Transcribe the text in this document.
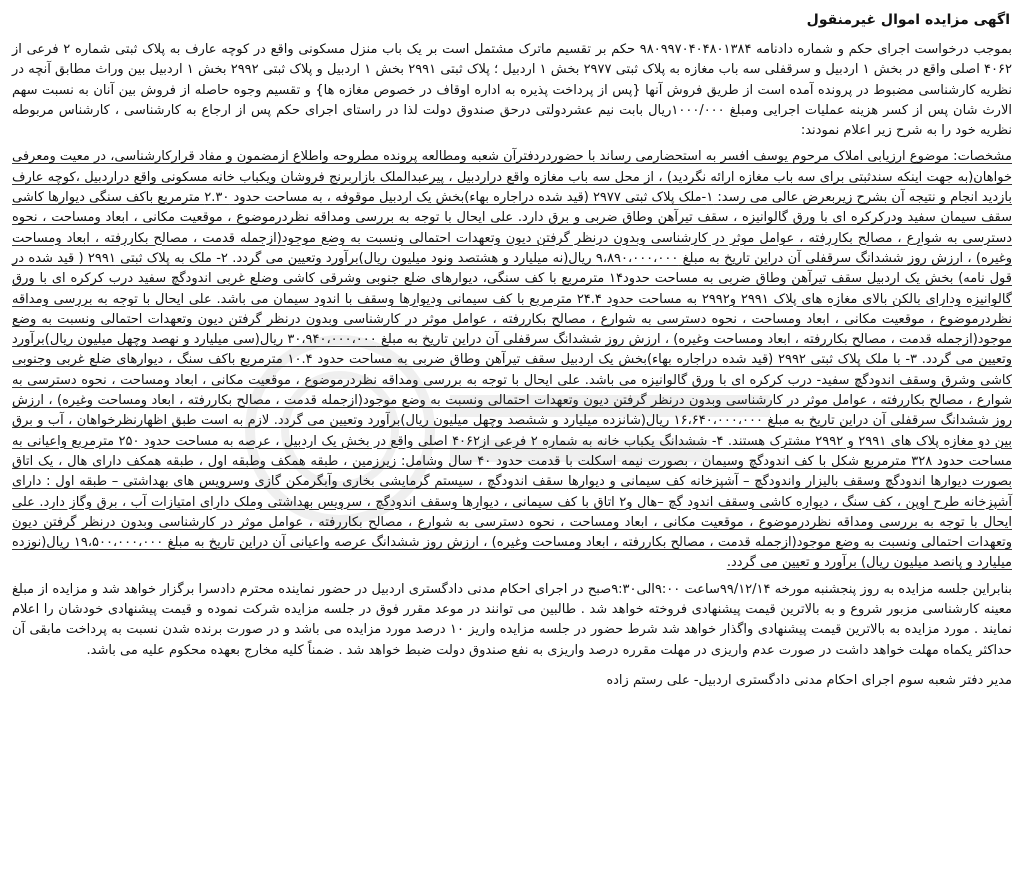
اگهی مزایده اموال غیرمنقول
بموجب درخواست اجرای حکم و شماره دادنامه ۹۸۰۹۹۷۰۴۰۴۸۰۱۳۸۴ حکم بر تقسیم ماترک مشتمل است بر یک باب منزل مسکونی واقع در کوچه عارف به پلاک ثبتی شماره ۲ فرعی از ۴۰۶۲ اصلی واقع در بخش ۱ اردبیل و سرقفلی سه باب مغازه به پلاک ثبتی ۲۹۷۷ بخش ۱ اردبیل ؛ پلاک ثبتی ۲۹۹۱ بخش ۱ اردبیل و پلاک ثبتی ۲۹۹۲ بخش ۱ اردبیل بین وراث مطابق آنچه در نظریه کارشناسی مضبوط در پرونده آمده است از طریق فروش آنها {پس از پرداخت پذیره به اداره اوقاف در خصوص مغازه ها} و تقسیم وجوه حاصله از فروش بین آنان به نسبت سهم الارث شان پس از کسر هزینه عملیات اجرایی ومبلغ ۱۰۰۰/۰۰۰ریال بابت نیم عشردولتی درحق صندوق دولت لذا در راستای اجرای حکم پس از ارجاع به کارشناسی ، کارشناس مربوطه نظریه خود را به شرح زیر اعلام نمودند:
مشخصات: موضوع ارزیابی املاک مرحوم یوسف افسر به استحضارمی رساند با حضوردردفترآن شعبه ومطالعه پرونده مطروحه واطلاع ازمضمون و مفاد قرارکارشناسی، در معیت ومعرفی خواهان(به جهت اینکه سندثبتی برای سه باب مغازه ارائه نگردید) ، از محل سه باب مغازه واقع دراردبیل ، پیرعبدالملک بازاربرنج فروشان ویکباب خانه مسکونی واقع دراردبیل ،کوچه عارف بازدید انجام و نتیجه آن بشرح زیربعرض عالی می رسد: ۱-ملک پلاک ثبتی ۲۹۷۷ (قید شده دراجاره بهاء)بخش یک اردبیل موقوفه ، به مساحت حدود ۲.۳۰ مترمربع باکف سنگی دیوارها کاشی سقف سیمان سفید ودرکرکره ای با ورق گالوانیزه ، سقف تیرآهن وطاق ضربی و برق دارد. علی ایحال با توجه به بررسی ومداقه نظردرموضوع ، موقعیت مکانی ، ابعاد ومساحت ، نحوه دسترسی به شوارع ، مصالح بکاررفته ، عوامل موثر در کارشناسی وبدون درنظر گرفتن دیون وتعهدات احتمالی ونسبت به وضع موجود(ازجمله قدمت ، مصالح بکاررفته ، ابعاد ومساحت وغیره) ، ارزش روز ششدانگ سرقفلی آن دراین تاریخ به مبلغ ۹،۸۹۰،۰۰۰،۰۰۰ ریال(نه میلیارد و هشتصد ونود میلیون ریال)برآورد وتعیین می گردد. ۲- ملک به پلاک ثبتی ۲۹۹۱ ( قید شده در قول نامه) بخش یک اردبیل سقف تیرآهن وطاق ضربی به مساحت حدود۱۴ مترمربع با کف سنگی، دیوارهای ضلع جنوبی وشرقی کاشی وضلع غربی اندودگچ سفید درب کرکره ای با ورق گالوانیزه ودارای بالکن بالای مغازه های پلاک ۲۹۹۱ و۲۹۹۲ به مساحت حدود ۲۴.۴ مترمربع با کف سیمانی ودیوارها وسقف با اندود سیمان می باشد. علی ایحال با توجه به بررسی ومداقه نظردرموضوع ، موقعیت مکانی ، ابعاد ومساحت ، نحوه دسترسی به شوارع ، مصالح بکاررفته ، عوامل موثر در کارشناسی وبدون درنظر گرفتن دیون وتعهدات احتمالی ونسبت به وضع موجود(ازجمله قدمت ، مصالح بکاررفته ، ابعاد ومساحت وغیره) ، ارزش روز ششدانگ سرقفلی آن دراین تاریخ به مبلغ ۳۰،۹۴۰،۰۰۰،۰۰۰ ریال(سی میلیارد و نهصد وچهل میلیون ریال)برآورد وتعیین می گردد. ۳- با ملک پلاک ثبتی ۲۹۹۲ (قید شده دراجاره بهاء)بخش یک اردبیل سقف تیرآهن وطاق ضربی به مساحت حدود ۱۰.۴ مترمربع باکف سنگ ، دیوارهای ضلع غربی وجنوبی کاشی وشرق وسقف اندودگچ سفید- درب کرکره ای با ورق گالوانیزه می باشد. علی ایحال با توجه به بررسی ومداقه نظردرموضوع ، موقعیت مکانی ، ابعاد ومساحت ، نحوه دسترسی به شوارع ، مصالح بکاررفته ، عوامل موثر در کارشناسی وبدون درنظر گرفتن دیون وتعهدات احتمالی ونسبت به وضع موجود(ازجمله قدمت ، مصالح بکاررفته ، ابعاد ومساحت وغیره) ، ارزش روز ششدانگ سرقفلی آن دراین تاریخ به مبلغ ۱۶،۶۴۰،۰۰۰،۰۰۰ ریال(شانزده میلیارد و ششصد وچهل میلیون ریال)برآورد وتعیین می گردد. لازم به است طبق اظهارنظرخواهان ، آب و برق بین دو مغازه پلاک های ۲۹۹۱ و ۲۹۹۲ مشترک هستند. ۴- ششدانگ یکباب خانه به شماره ۲ فرعی از۴۰۶۲ اصلی واقع در بخش یک اردبیل ، عرصه به مساحت حدود ۲۵۰ مترمربع واعیانی به مساحت حدود ۳۲۸ مترمربع شکل با کف اندودگچ وسیمان ، بصورت نیمه اسکلت با قدمت حدود ۴۰ سال وشامل: زیرزمین ، طبقه همکف وطبقه اول ، طبقه همکف دارای هال ، یک اتاق بصورت دیوارها اندودگچ وسقف بالیزار واندودگچ – آشپزخانه کف سیمانی و دیوارها سقف اندودگچ ، سیستم گرمایشی بخاری وآبگرمکن گازی وسرویس های بهداشتی – طبقه اول : دارای آشپزخانه طرح اوپن ، کف سنگ ، دیواره کاشی وسقف اندود گچ –هال و۲ اتاق با کف سیمانی ، دیوارها وسقف اندودگچ ، سرویس بهداشتی وملک دارای امتیازات آب ، برق وگاز دارد. علی ایحال با توجه به بررسی ومداقه نظردرموضوع ، موقعیت مکانی ، ابعاد ومساحت ، نحوه دسترسی به شوارع ، مصالح بکاررفته ، عوامل موثر در کارشناسی وبدون درنظر گرفتن دیون وتعهدات احتمالی ونسبت به وضع موجود(ازجمله قدمت ، مصالح بکاررفته ، ابعاد ومساحت وغیره) ، ارزش روز ششدانگ عرصه واعیانی آن دراین تاریخ به مبلغ ۱۹،۵۰۰،۰۰۰،۰۰۰ ریال(نوزده میلیارد و پانصد میلیون ریال) برآورد و تعیین می گردد.
بنابراین جلسه مزایده به روز پنجشنبه مورخه ۹۹/۱۲/۱۴ساعت ۹:۰۰الی۹:۳۰صبح در اجرای احکام مدنی دادگستری اردبیل در حضور نماینده محترم دادسرا برگزار خواهد شد و مزایده از مبلغ معینه کارشناسی مزبور شروع و به بالاترین قیمت پیشنهادی فروخته خواهد شد . طالبین می توانند در موعد مقرر فوق در جلسه مزایده شرکت نموده و قیمت پیشنهادی خودشان را اعلام نمایند . مورد مزایده به بالاترین قیمت پیشنهادی واگذار خواهد شد شرط حضور در جلسه مزایده واریز ۱۰ درصد مورد مزایده می باشد و در صورت برنده شدن نسبت به پرداخت مابقی آن حداکثر یکماه مهلت خواهد داشت در صورت عدم واریزی در مهلت مقرره درصد واریزی به نفع صندوق دولت ضبط خواهد شد . ضمناً کلیه مخارج بعهده محکوم علیه می باشد.
مدیر دفتر شعبه سوم اجرای احکام مدنی دادگستری اردبیل- علی رستم زاده
